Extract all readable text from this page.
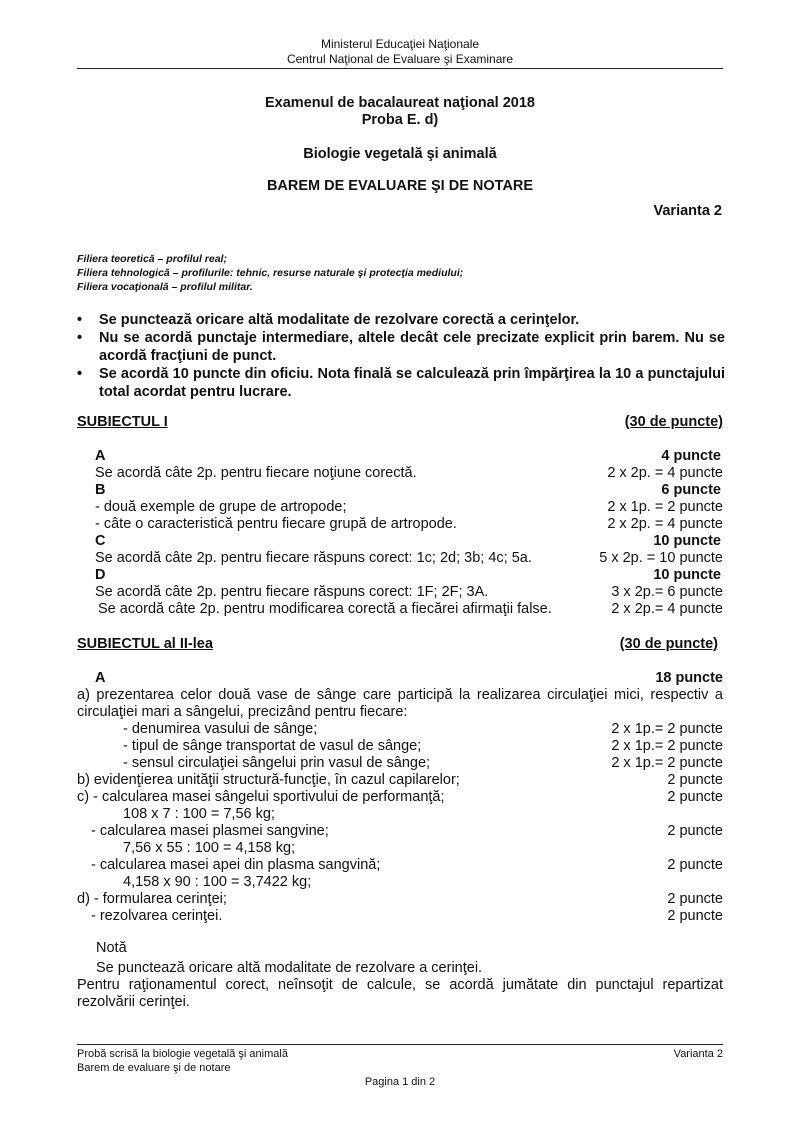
Ministerul Educaţiei Naţionale
Centrul Naţional de Evaluare şi Examinare
Examenul de bacalaureat naţional 2018
Proba E. d)
Biologie vegetală şi animală
BAREM DE EVALUARE ŞI DE NOTARE
Varianta 2
Filiera teoretică – profilul real;
Filiera tehnologică – profilurile: tehnic, resurse naturale şi protecţia mediului;
Filiera vocaţională – profilul militar.
• Se punctează oricare altă modalitate de rezolvare corectă a cerinţelor.
• Nu se acordă punctaje intermediare, altele decât cele precizate explicit prin barem. Nu se acordă fracţiuni de punct.
• Se acordă 10 puncte din oficiu. Nota finală se calculează prin împărţirea la 10 a punctajului total acordat pentru lucrare.
SUBIECTUL I	(30 de puncte)
A	4 puncte
Se acordă câte 2p. pentru fiecare noţiune corectă.	2 x 2p. = 4 puncte
B	6 puncte
- două exemple de grupe de artropode;	2 x 1p. = 2 puncte
- câte o caracteristică pentru fiecare grupă de artropode.	2 x 2p. = 4 puncte
C	10 puncte
Se acordă câte 2p. pentru fiecare răspuns corect: 1c; 2d; 3b; 4c; 5a.	5 x 2p. = 10 puncte
D	10 puncte
Se acordă câte 2p. pentru fiecare răspuns corect: 1F; 2F; 3A.	3 x 2p.= 6 puncte
Se acordă câte 2p. pentru modificarea corectă a fiecărei afirmaţii false.	2 x 2p.= 4 puncte
SUBIECTUL al II-lea	(30 de puncte)
A	18 puncte
a) prezentarea celor două vase de sânge care participă la realizarea circulaţiei mici, respectiv a circulaţiei mari a sângelui, precizând pentru fiecare:
- denumirea vasului de sânge;	2 x 1p.= 2 puncte
- tipul de sânge transportat de vasul de sânge;	2 x 1p.= 2 puncte
- sensul circulaţiei sângelui prin vasul de sânge;	2 x 1p.= 2 puncte
b) evidenţierea unităţii structură-funcţie, în cazul capilarelor;	2 puncte
c) - calcularea masei sângelui sportivului de performanţă;	2 puncte
108 x 7 : 100 = 7,56 kg;
- calcularea masei plasmei sangvine;	2 puncte
7,56 x 55 : 100 = 4,158 kg;
- calcularea masei apei din plasma sangvină;	2 puncte
4,158 x 90 : 100 = 3,7422 kg;
d) - formularea cerinţei;	2 puncte
- rezolvarea cerinţei.	2 puncte
Notă
Se punctează oricare altă modalitate de rezolvare a cerinţei.
Pentru raţionamentul corect, neînsoţit de calcule, se acordă jumătate din punctajul repartizat rezolvării cerinţei.
Probă scrisă la biologie vegetală şi animală
Barem de evaluare şi de notare
Varianta 2
Pagina 1 din 2
